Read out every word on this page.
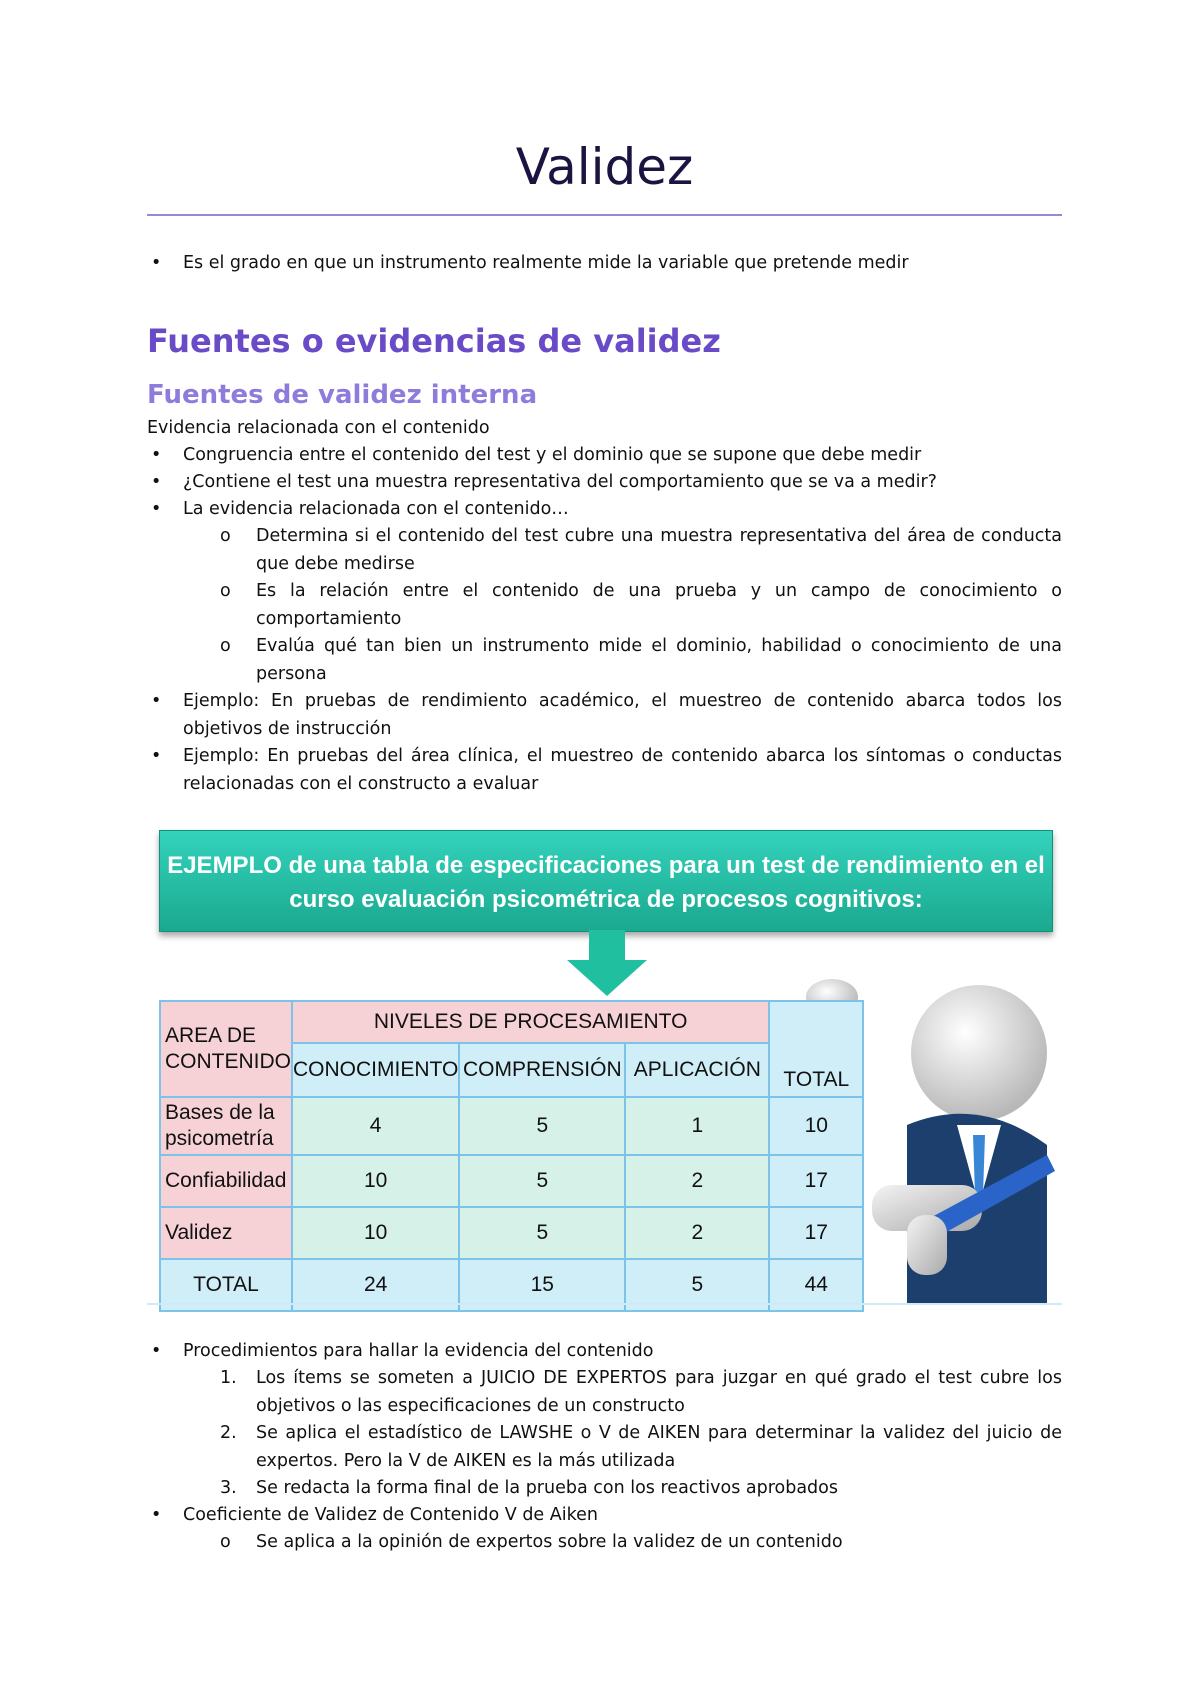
Validez
• Es el grado en que un instrumento realmente mide la variable que pretende medir
Fuentes o evidencias de validez
Fuentes de validez interna
Evidencia relacionada con el contenido
• Congruencia entre el contenido del test y el dominio que se supone que debe medir
• ¿Contiene el test una muestra representativa del comportamiento que se va a medir?
• La evidencia relacionada con el contenido…
o Determina si el contenido del test cubre una muestra representativa del área de conducta que debe medirse
o Es la relación entre el contenido de una prueba y un campo de conocimiento o comportamiento
o Evalúa qué tan bien un instrumento mide el dominio, habilidad o conocimiento de una persona
• Ejemplo: En pruebas de rendimiento académico, el muestreo de contenido abarca todos los objetivos de instrucción
• Ejemplo: En pruebas del área clínica, el muestreo de contenido abarca los síntomas o conductas relacionadas con el constructo a evaluar
• Procedimientos para hallar la evidencia del contenido
1. Los ítems se someten a JUICIO DE EXPERTOS para juzgar en qué grado el test cubre los objetivos o las especificaciones de un constructo
2. Se aplica el estadístico de LAWSHE o V de AIKEN para determinar la validez del juicio de expertos. Pero la V de AIKEN es la más utilizada
3. Se redacta la forma final de la prueba con los reactivos aprobados
• Coeficiente de Validez de Contenido V de Aiken
o Se aplica a la opinión de expertos sobre la validez de un contenido
EJEMPLO de una tabla de especificaciones para un test de rendimiento en el
curso evaluación psicométrica de procesos cognitivos:
AREA DE CONTENIDO	NIVELES DE PROCESAMIENTO			TOTAL
	CONOCIMIENTO	COMPRENSIÓN	APLICACIÓN	
Bases de la psicometría	4	5	1	10
Confiabilidad	10	5	2	17
Validez	10	5	2	17
TOTAL	24	15	5	44
